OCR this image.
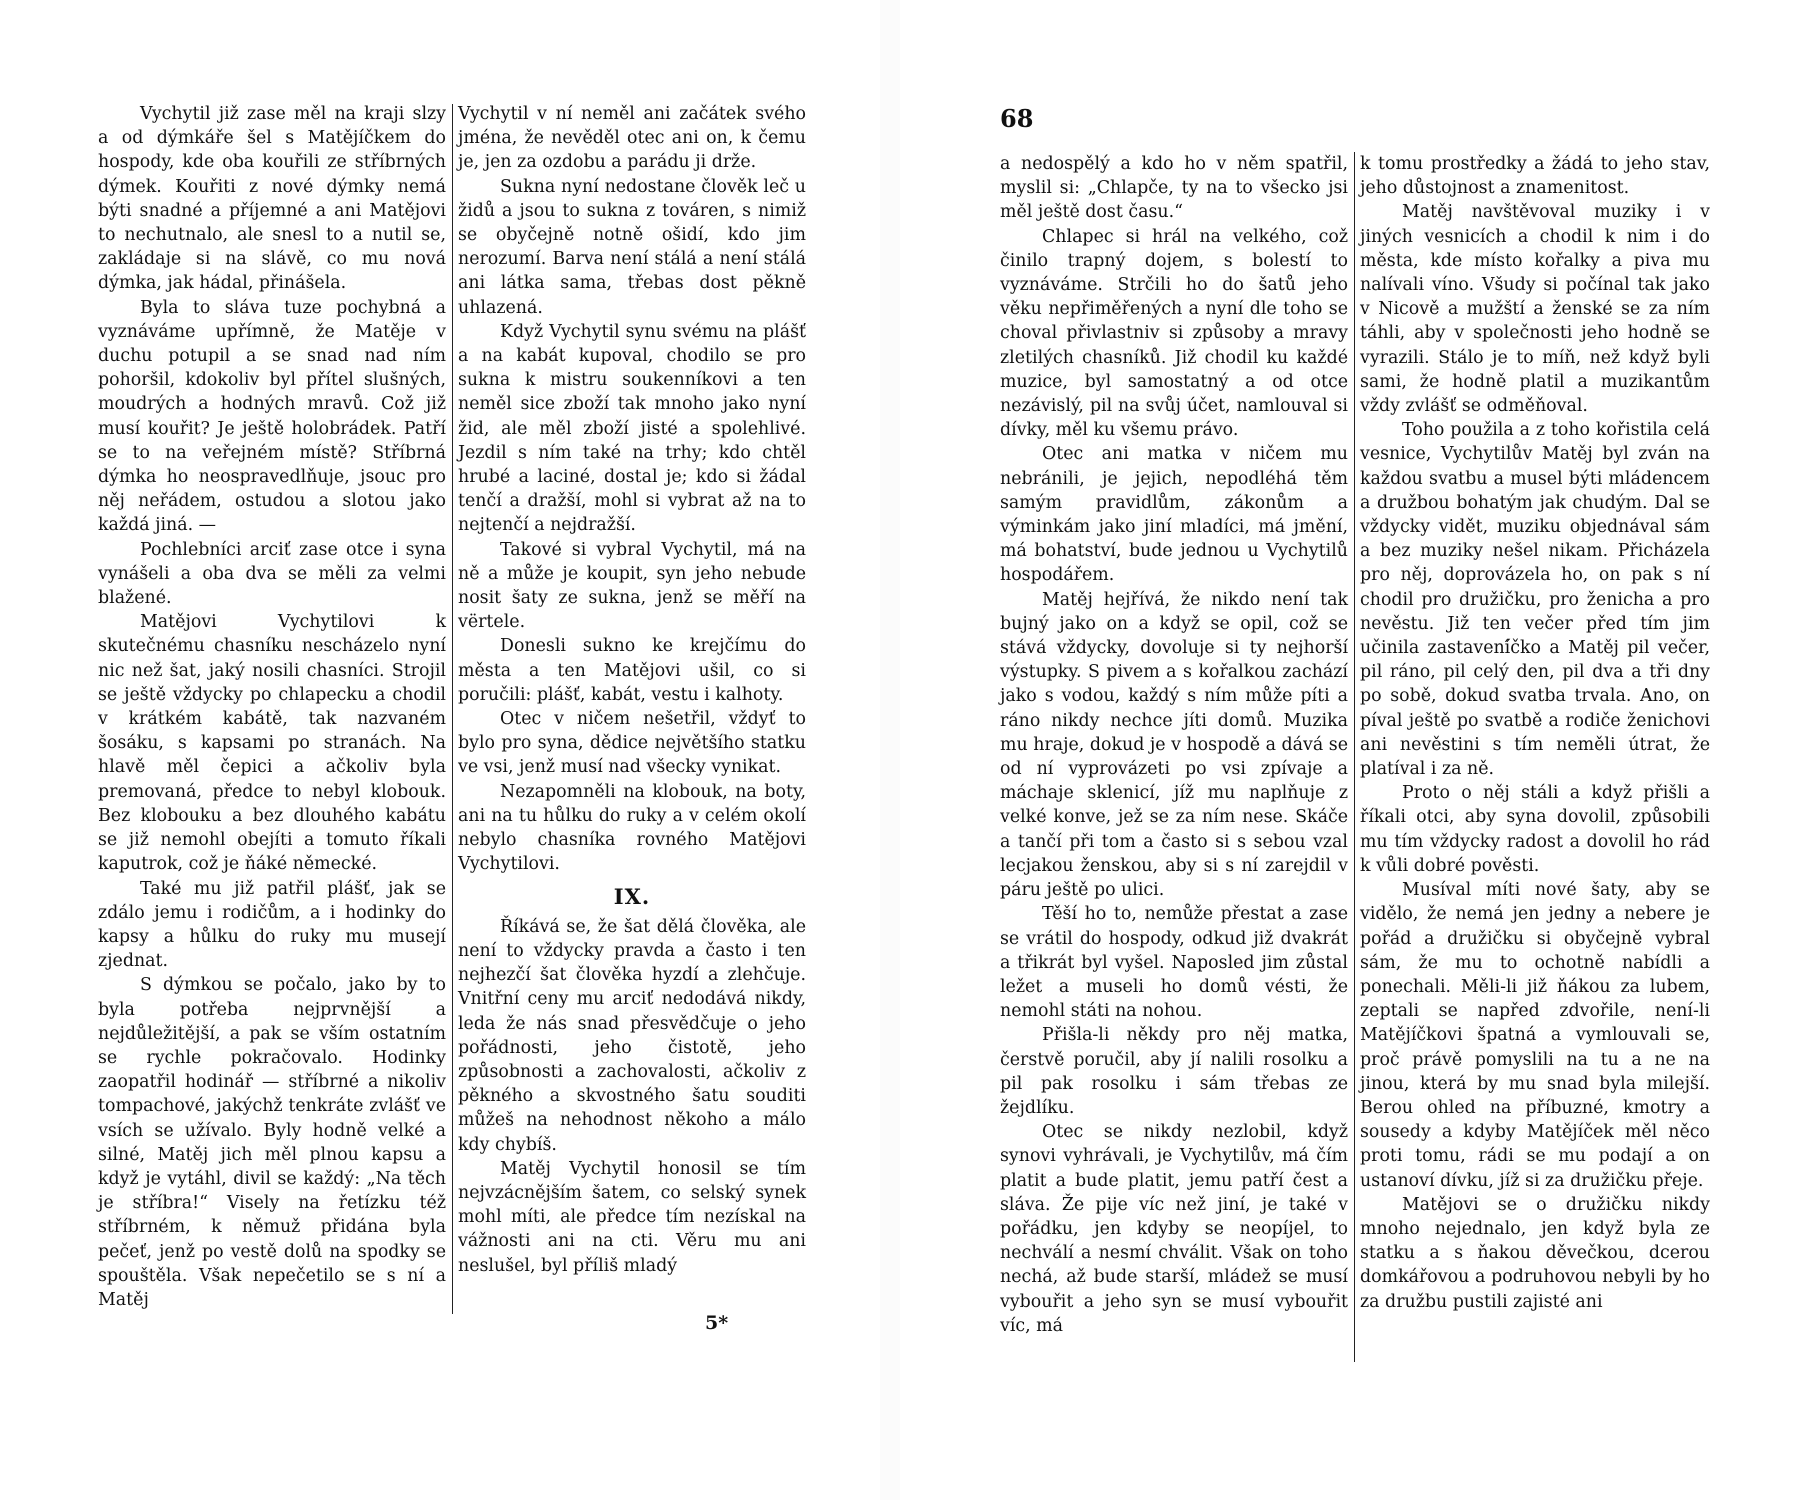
Vychytil již zase měl na kraji slzy a od dýmkáře šel s Matějíčkem do hospody, kde oba kouřili ze stříbrných dýmek. Kouřiti z nové dýmky nemá býti snadné a příjemné a ani Matějovi to nechutnalo, ale snesl to a nutil se, zakládaje si na slávě, co mu nová dýmka, jak hádal, přinášela.

Byla to sláva tuze pochybná a vyznáváme upřímně, že Matěje v duchu potupil a se snad nad ním pohoršil, kdokoliv byl přítel slušných, moudrých a hodných mravů. Což již musí kouřit? Je ještě holobrádek. Patří se to na veřejném místě? Stříbrná dýmka ho neospravedlňuje, jsouc pro něj neřádem, ostudou a slotou jako každá jiná. —

Pochlebníci arciť zase otce i syna vynášeli a oba dva se měli za velmi blažené.

Matějovi Vychytilovi k skutečnému chasníku nescházelo nyní nic než šat, jaký nosili chasníci. Strojil se ještě vždycky po chlapecku a chodil v krátkém kabátě, tak nazvaném šosáku, s kapsami po stranách. Na hlavě měl čepici a ačkoliv byla premovaná, předce to nebyl klobouk. Bez klobouku a bez dlouhého kabátu se již nemohl obejíti a tomuto říkali kaputrok, což je ňáké německé.

Také mu již patřil plášť, jak se zdálo jemu i rodičům, a i hodinky do kapsy a hůlku do ruky mu musejí zjednat.

S dýmkou se počalo, jako by to byla potřeba nejprvnější a nejdůležitější, a pak se vším ostatním se rychle pokračovalo. Hodinky zaopatřil hodinář — stříbrné a nikoliv tompachové, jakýchž tenkráte zvlášť ve vsích se užívalo. Byly hodně velké a silné, Matěj jich měl plnou kapsu a když je vytáhl, divil se každý: „Na těch je stříbra!“ Visely na řetízku též stříbrném, k němuž přidána byla pečeť, jenž po vestě dolů na spodky se spouštěla. Však nepečetilo se s ní a Matěj

Vychytil v ní neměl ani začátek svého jména, že nevěděl otec ani on, k čemu je, jen za ozdobu a parádu ji drže.

Sukna nyní nedostane člověk leč u židů a jsou to sukna z továren, s nimiž se obyčejně notně ošidí, kdo jim nerozumí. Barva není stálá a není stálá ani látka sama, třebas dost pěkně uhlazená.

Když Vychytil synu svému na plášť a na kabát kupoval, chodilo se pro sukna k mistru soukenníkovi a ten neměl sice zboží tak mnoho jako nyní žid, ale měl zboží jisté a spolehlivé. Jezdil s ním také na trhy; kdo chtěl hrubé a laciné, dostal je; kdo si žádal tenčí a dražší, mohl si vybrat až na to nejtenčí a nejdražší.

Takové si vybral Vychytil, má na ně a může je koupit, syn jeho nebude nosit šaty ze sukna, jenž se měří na vërtele.

Donesli sukno ke krejčímu do města a ten Matějovi ušil, co si poručili: plášť, kabát, vestu i kalhoty.

Otec v ničem nešetřil, vždyť to bylo pro syna, dědice největšího statku ve vsi, jenž musí nad všecky vynikat.

Nezapomněli na klobouk, na boty, ani na tu hůlku do ruky a v celém okolí nebylo chasníka rovného Matějovi Vychytilovi.

IX.

Říkává se, že šat dělá člověka, ale není to vždycky pravda a často i ten nejhezčí šat člověka hyzdí a zlehčuje. Vnitřní ceny mu arciť nedodává nikdy, leda že nás snad přesvědčuje o jeho pořádnosti, jeho čistotě, jeho způsobnosti a zachovalosti, ačkoliv z pěkného a skvostného šatu souditi můžeš na nehodnost někoho a málo kdy chybíš.

Matěj Vychytil honosil se tím nejvzácnějším šatem, co selský synek mohl míti, ale předce tím nezískal na vážnosti ani na cti. Věru mu ani neslušel, byl příliš mladý

5*
68

a nedospělý a kdo ho v něm spatřil, myslil si: „Chlapče, ty na to všecko jsi měl ještě dost času.“

Chlapec si hrál na velkého, což činilo trapný dojem, s bolestí to vyznáváme. Strčili ho do šatů jeho věku nepřiměřených a nyní dle toho se choval přivlastniv si způsoby a mravy zletilých chasníků. Již chodil ku každé muzice, byl samostatný a od otce nezávislý, pil na svůj účet, namlouval si dívky, měl ku všemu právo.

Otec ani matka v ničem mu nebránili, je jejich, nepodléhá těm samým pravidlům, zákonům a výminkám jako jiní mladíci, má jmění, má bohatství, bude jednou u Vychytilů hospodářem.

Matěj hejřívá, že nikdo není tak bujný jako on a když se opil, což se stává vždycky, dovoluje si ty nejhorší výstupky. S pivem a s kořalkou zachází jako s vodou, každý s ním může píti a ráno nikdy nechce jíti domů. Muzika mu hraje, dokud je v hospodě a dává se od ní vyprovázeti po vsi zpívaje a máchaje sklenicí, jíž mu naplňuje z velké konve, jež se za ním nese. Skáče a tančí při tom a často si s sebou vzal lecjakou ženskou, aby si s ní zarejdil v páru ještě po ulici.

Těší ho to, nemůže přestat a zase se vrátil do hospody, odkud již dvakrát a třikrát byl vyšel. Naposled jim zůstal ležet a museli ho domů vésti, že nemohl státi na nohou.

Přišla-li někdy pro něj matka, čerstvě poručil, aby jí nalili rosolku a pil pak rosolku i sám třebas ze žejdlíku.

Otec se nikdy nezlobil, když synovi vyhrávali, je Vychytilův, má čím platit a bude platit, jemu patří čest a sláva. Že pije víc než jiní, je také v pořádku, jen kdyby se neopíjel, to nechválí a nesmí chválit. Však on toho nechá, až bude starší, mládež se musí vybouřit a jeho syn se musí vybouřit víc, má

k tomu prostředky a žádá to jeho stav, jeho důstojnost a znamenitost.

Matěj navštěvoval muziky i v jiných vesnicích a chodil k nim i do města, kde místo kořalky a piva mu nalívali víno. Všudy si počínal tak jako v Nicově a mužští a ženské se za ním táhli, aby v společnosti jeho hodně se vyrazili. Stálo je to míň, než když byli sami, že hodně platil a muzikantům vždy zvlášť se odměňoval.

Toho použila a z toho kořistila celá vesnice, Vychytilův Matěj byl zván na každou svatbu a musel býti mládencem a družbou bohatým jak chudým. Dal se vždycky vidět, muziku objednával sám a bez muziky nešel nikam. Přicházela pro něj, doprovázela ho, on pak s ní chodil pro družičku, pro ženicha a pro nevěstu. Již ten večer před tím jim učinila zastavení́čko a Matěj pil večer, pil ráno, pil celý den, pil dva a tři dny po sobě, dokud svatba trvala. Ano, on píval ještě po svatbě a rodiče ženichovi ani nevěstini s tím neměli útrat, že platíval i za ně.

Proto o něj stáli a když přišli a říkali otci, aby syna dovolil, způsobili mu tím vždycky radost a dovolil ho rád k vůli dobré pověsti.

Musíval míti nové šaty, aby se vidělo, že nemá jen jedny a nebere je pořád a družičku si obyčejně vybral sám, že mu to ochotně nabídli a ponechali. Měli-li již ňákou za lubem, zeptali se napřed zdvořile, není-li Matějíčkovi špatná a vymlouvali se, proč právě pomyslili na tu a ne na jinou, která by mu snad byla milejší. Berou ohled na příbuzné, kmotry a sousedy a kdyby Matějíček měl něco proti tomu, rádi se mu podají a on ustanoví dívku, jíž si za družičku přeje.

Matějovi se o družičku nikdy mnoho nejednalo, jen když byla ze statku a s ňakou děvečkou, dcerou domkářovou a podruhovou nebyli by ho za družbu pustili zajisté ani
